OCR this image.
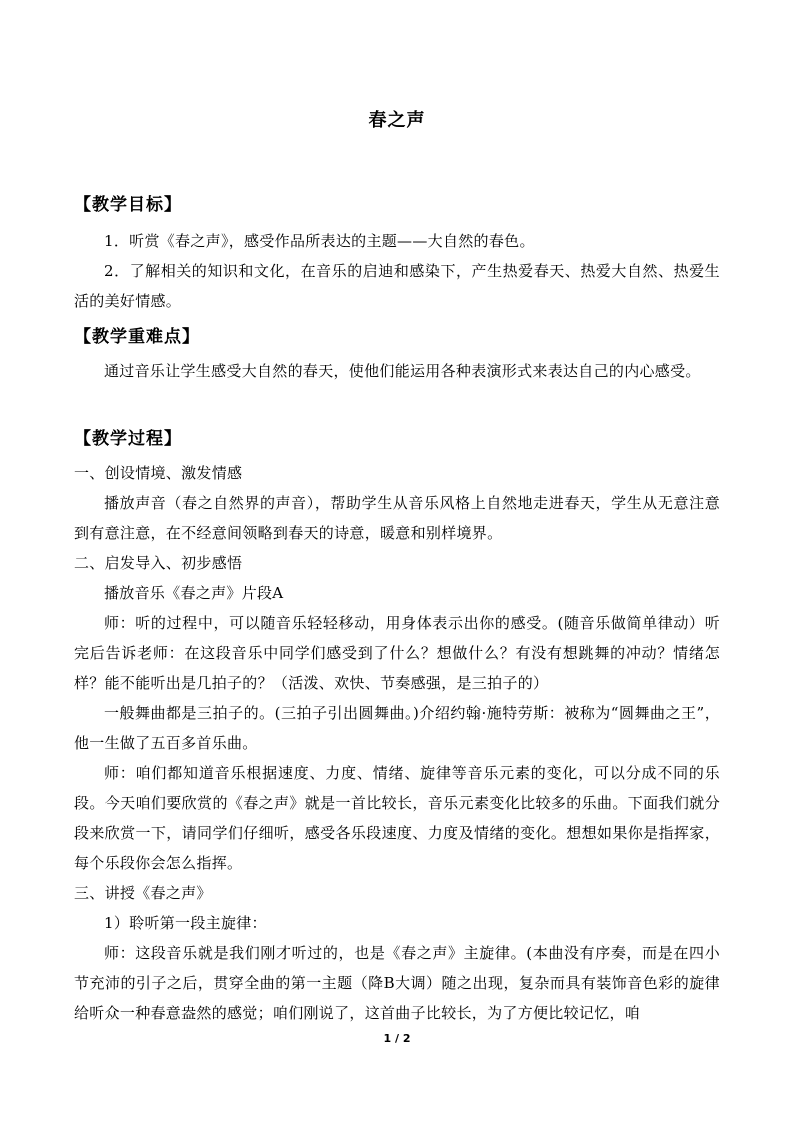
春之声
【教学目标】
1．听赏《春之声》，感受作品所表达的主题——大自然的春色。
2．了解相关的知识和文化，在音乐的启迪和感染下，产生热爱春天、热爱大自然、热爱生活的美好情感。
【教学重难点】
通过音乐让学生感受大自然的春天，使他们能运用各种表演形式来表达自己的内心感受。
【教学过程】
一、创设情境、激发情感
播放声音（春之自然界的声音），帮助学生从音乐风格上自然地走进春天，学生从无意注意到有意注意，在不经意间领略到春天的诗意，暖意和别样境界。
二、启发导入、初步感悟
播放音乐《春之声》片段A
师：听的过程中，可以随音乐轻轻移动，用身体表示出你的感受。(随音乐做简单律动）听完后告诉老师：在这段音乐中同学们感受到了什么？想做什么？有没有想跳舞的冲动？情绪怎样？能不能听出是几拍子的？（活泼、欢快、节奏感强，是三拍子的）
一般舞曲都是三拍子的。(三拍子引出圆舞曲。)介绍约翰·施特劳斯：被称为“圆舞曲之王”，他一生做了五百多首乐曲。
师：咱们都知道音乐根据速度、力度、情绪、旋律等音乐元素的变化，可以分成不同的乐段。今天咱们要欣赏的《春之声》就是一首比较长，音乐元素变化比较多的乐曲。下面我们就分段来欣赏一下，请同学们仔细听，感受各乐段速度、力度及情绪的变化。想想如果你是指挥家，每个乐段你会怎么指挥。
三、讲授《春之声》
1）聆听第一段主旋律：
师：这段音乐就是我们刚才听过的，也是《春之声》主旋律。(本曲没有序奏，而是在四小节充沛的引子之后，贯穿全曲的第一主题（降B大调）随之出现，复杂而具有装饰音色彩的旋律给听众一种春意盎然的感觉；咱们刚说了，这首曲子比较长，为了方便比较记忆，咱
1 / 2
